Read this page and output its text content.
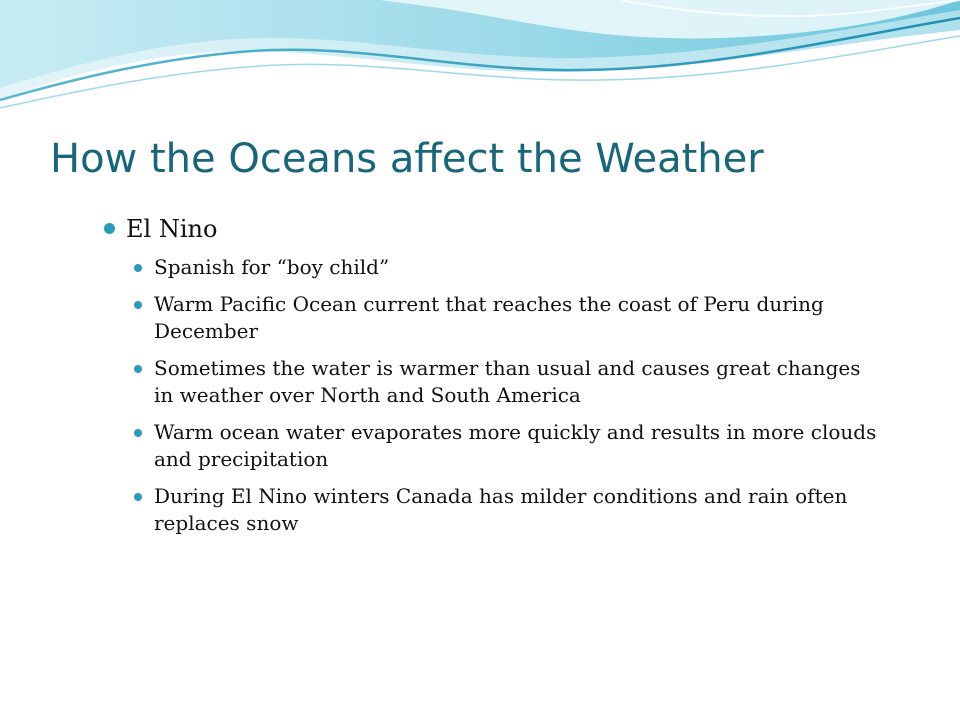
How the Oceans affect the Weather
El Nino
Spanish for “boy child”
Warm Pacific Ocean current that reaches the coast of Peru during December
Sometimes the water is warmer than usual and causes great changes in weather over North and South America
Warm ocean water evaporates more quickly and results in more clouds and precipitation
During El Nino winters Canada has milder conditions and rain often replaces snow
